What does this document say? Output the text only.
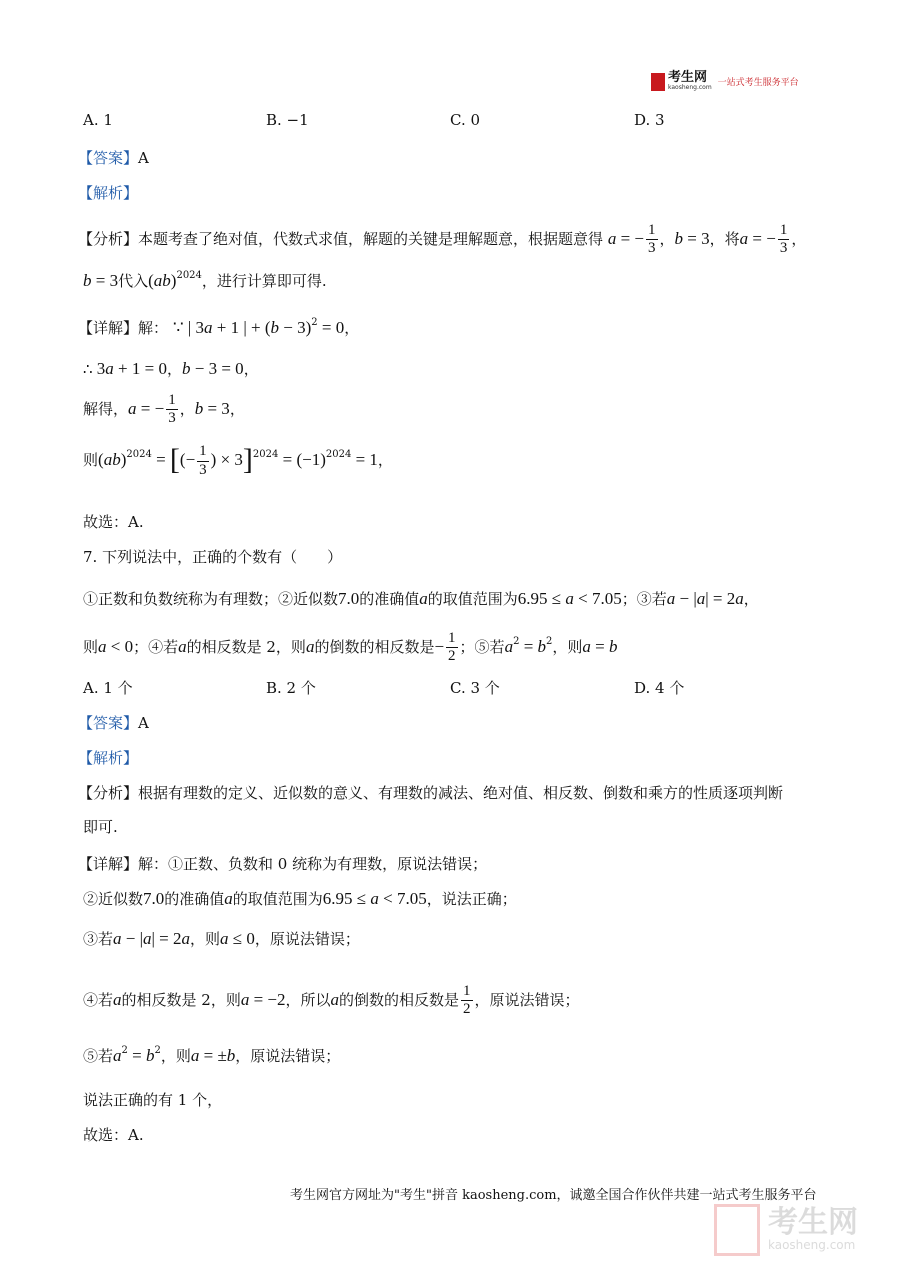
考生网
kaosheng.com 一站式考生服务平台
A. 1	B. −1	C. 0	D. 3
【答案】A
【解析】
【分析】本题考查了绝对值，代数式求值，解题的关键是理解题意，根据题意得 a = − $\frac{1}{3}$ ，b = 3，将a = − $\frac{1}{3}$ ，
b = 3代入(ab)$^{2024}$，进行计算即可得.
【详解】解： ∵ | 3a + 1 | + $(b - 3)^2 = 0$，
∴ 3a + 1 = 0，b − 3 = 0，
解得，a = − $\frac{1}{3}$ ，b = 3，
则(ab)$^{2024}$ = [(− $\frac{1}{3}$ ) × $3]^{2024} = (-1)^{2024} = 1$，
故选：A.
7. 下列说法中，正确的个数有（　　）
①正数和负数统称为有理数；②近似数7.0的准确值a的取值范围为6.95 ≤ a < 7.05；③若a − |a| = 2a，
则a < 0；④若a的相反数是 2，则a的倒数的相反数是− $\frac{1}{2}$ ；⑤若$a^2 = b^2$，则a = b
A. 1 个	B. 2 个	C. 3 个	D. 4 个
【答案】A
【解析】
【分析】根据有理数的定义、近似数的意义、有理数的减法、绝对值、相反数、倒数和乘方的性质逐项判断
即可.
【详解】解：①正数、负数和 0 统称为有理数，原说法错误；
②近似数7.0的准确值a的取值范围为6.95 ≤ a < 7.05，说法正确；
③若a − |a| = 2a，则a ≤ 0，原说法错误；
④若a的相反数是 2，则a = −2，所以a的倒数的相反数是 $\frac{1}{2}$ ，原说法错误；
⑤若$a^2 = b^2$，则a = ±b，原说法错误；
说法正确的有 1 个，
故选：A.
考生网官方网址为"考生"拼音 kaosheng.com，诚邀全国合作伙伴共建一站式考生服务平台
考生网
kaosheng.com
